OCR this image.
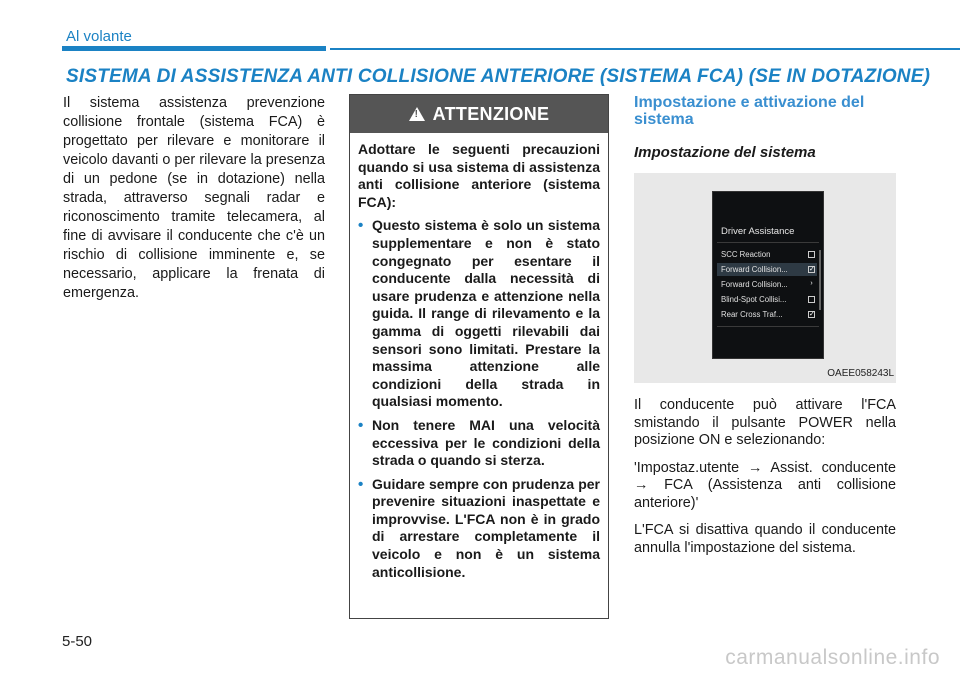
Al volante
SISTEMA DI ASSISTENZA ANTI COLLISIONE ANTERIORE (SISTEMA FCA) (SE IN DOTAZIONE)
Il sistema assistenza prevenzione collisione frontale (sistema FCA) è progettato per rilevare e monitorare il veicolo davanti o per rilevare la presenza di un pedone (se in dotazione) nella strada, attraverso segnali radar e riconoscimento tramite telecamera, al fine di avvisare il conducente che c'è un rischio di collisione imminente e, se necessario, applicare la frenata di emergenza.
! ATTENZIONE

Adottare le seguenti precauzioni quando si usa sistema di assistenza anti collisione anteriore (sistema FCA):

• Questo sistema è solo un sistema supplementare e non è stato congegnato per esentare il conducente dalla necessità di usare prudenza e attenzione nella guida. Il range di rilevamento e la gamma di oggetti rilevabili dai sensori sono limitati. Prestare la massima attenzione alle condizioni della strada in qualsiasi momento.
• Non tenere MAI una velocità eccessiva per le condizioni della strada o quando si sterza.
• Guidare sempre con prudenza per prevenire situazioni inaspettate e improvvise. L'FCA non è in grado di arrestare completamente il veicolo e non è un sistema anticollisione.
Impostazione e attivazione del sistema
Impostazione del sistema
Driver Assistance
SCC Reaction
Forward Collision...	✓
Forward Collision...	›
Blind-Spot Collisi...
Rear Cross Traf...	✓
OAEE058243L

Il conducente può attivare l'FCA smistando il pulsante POWER nella posizione ON e selezionando:

'Impostaz.utente → Assist. conducente → FCA (Assistenza anti collisione anteriore)'

L'FCA si disattiva quando il conducente annulla l'impostazione del sistema.

5-50
carmanualsonline.info
